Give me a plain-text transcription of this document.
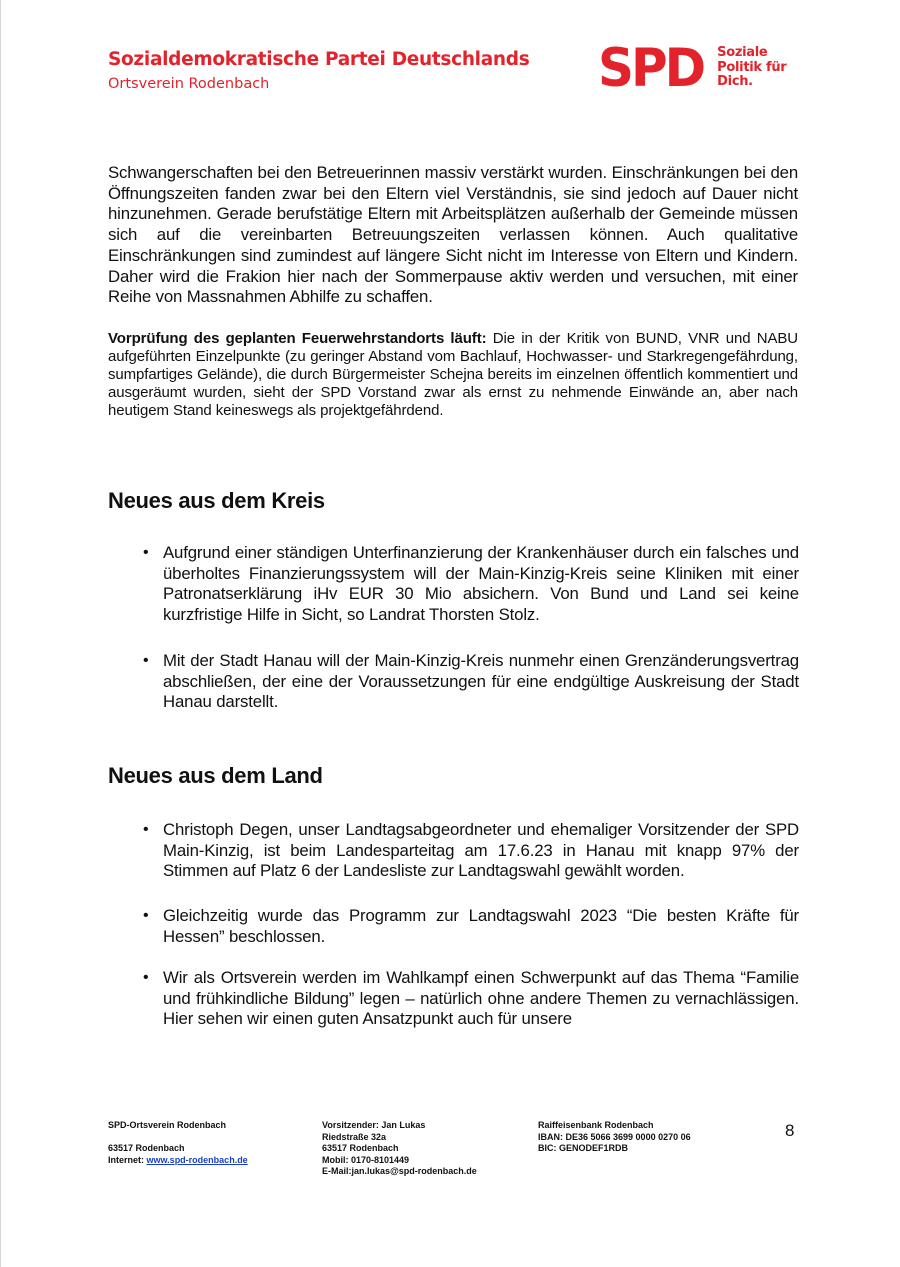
Sozialdemokratische Partei Deutschlands
Ortsverein Rodenbach	SPD Soziale
Politik für
Dich.

Schwangerschaften bei den Betreuerinnen massiv verstärkt wurden. Einschränkungen bei den Öffnungszeiten fanden zwar bei den Eltern viel Verständnis, sie sind jedoch auf Dauer nicht hinzunehmen. Gerade berufstätige Eltern mit Arbeitsplätzen außerhalb der Gemeinde müssen sich auf die vereinbarten Betreuungszeiten verlassen können. Auch qualitative Einschränkungen sind zumindest auf längere Sicht nicht im Interesse von Eltern und Kindern. Daher wird die Frakion hier nach der Sommerpause aktiv werden und versuchen, mit einer Reihe von Massnahmen Abhilfe zu schaffen.

Vorprüfung des geplanten Feuerwehrstandorts läuft: Die in der Kritik von BUND, VNR und NABU aufgeführten Einzelpunkte (zu geringer Abstand vom Bachlauf, Hochwasser- und Starkregengefährdung, sumpfartiges Gelände), die durch Bürgermeister Schejna bereits im einzelnen öffentlich kommentiert und ausgeräumt wurden, sieht der SPD Vorstand zwar als ernst zu nehmende Einwände an, aber nach heutigem Stand keineswegs als projektgefährdend.

Neues aus dem Kreis
• Aufgrund einer ständigen Unterfinanzierung der Krankenhäuser durch ein falsches und überholtes Finanzierungssystem will der Main-Kinzig-Kreis seine Kliniken mit einer Patronatserklärung iHv EUR 30 Mio absichern. Von Bund und Land sei keine kurzfristige Hilfe in Sicht, so Landrat Thorsten Stolz.

• Mit der Stadt Hanau will der Main-Kinzig-Kreis nunmehr einen Grenzänderungsvertrag abschließen, der eine der Voraussetzungen für eine endgültige Auskreisung der Stadt Hanau darstellt.

Neues aus dem Land
• Christoph Degen, unser Landtagsabgeordneter und ehemaliger Vorsitzender der SPD Main-Kinzig, ist beim Landesparteitag am 17.6.23 in Hanau mit knapp 97% der Stimmen auf Platz 6 der Landesliste zur Landtagswahl gewählt worden.

• Gleichzeitig wurde das Programm zur Landtagswahl 2023 “Die besten Kräfte für Hessen” beschlossen.

• Wir als Ortsverein werden im Wahlkampf einen Schwerpunkt auf das Thema “Familie und frühkindliche Bildung” legen – natürlich ohne andere Themen zu vernachlässigen. Hier sehen wir einen guten Ansatzpunkt auch für unsere

SPD-Ortsverein Rodenbach
63517 Rodenbach
Internet: www.spd-rodenbach.de
Vorsitzender: Jan Lukas
Riedstraße 32a
63517 Rodenbach
Mobil: 0170-8101449
E-Mail:jan.lukas@spd-rodenbach.de
Raiffeisenbank Rodenbach
IBAN: DE36 5066 3699 0000 0270 06
BIC: GENODEF1RDB
8
